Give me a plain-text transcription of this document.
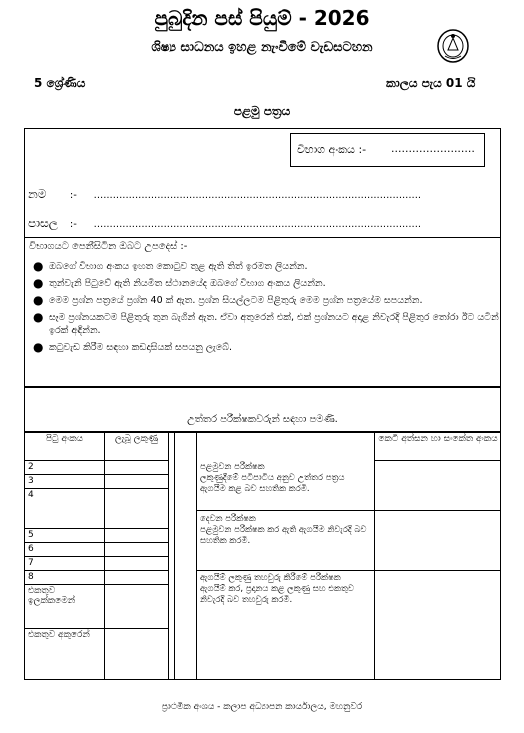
පුබුදින පස් පියුම් - 2026
ශිෂ්‍ය සාධනය ඉහළ නැංවීමේ වැඩසටහන
5 ශ්‍රේණිය	කාලය පැය 01 යි
පළමු පත්‍රය
විභාග අංකය :- ........................
නම :- .......................................................................................................
පාසල :- .......................................................................................................
විභාගයට පෙනීසිටින ඔබට උපදෙස් :-
● ඔබගේ විභාග අංකය ඉහත කොටුව තුළ ඇති තිත් ඉරමත ලියන්න.
● තුන්වැනි පිටුවේ ඇති නියමිත ස්ථානයේද ඔබගේ විභාග අංකය ලියන්න.
● මෙම ප්‍රශ්න පත්‍රයේ ප්‍රශ්න 40 ක් ඇත. ප්‍රශ්න සියල්ලටම පිළිතුරු මෙම ප්‍රශ්න පත්‍රයේම සපයන්න.
● සෑම ප්‍රශ්නයකටම පිළිතුරු තුන බැගින් ඇත. ඒවා අතුරෙන් එක්, එක් ප්‍රශ්නයට අදාළ නිවැරදි පිළිතුර තෝරා ඊට යටින් ඉරක් අඳින්න.
● කටුවැඩ කිරීම සඳහා කඩදාසියක් සපයනු ලැබේ.
උත්තර පරීක්ෂකවරුන් සඳහා පමණි.
පිටු අංකය	ලැබූ ලකුණු	කෙටි අත්සන හා සංකේත අංකය
2
3
4
5
6
7
8
එකතුව ඉලක්කමෙන්
එකතුව අකුරෙන්
පළමුවන පරීක්ෂක
ලකුණුදීමේ පටිපාටිය අනුව උත්තර පත්‍රය ඇගයීම කළ බව සහතික කරමි.
දෙවන පරීක්ෂක
පළමුවන පරීක්ෂක කර ඇති ඇගයීම නිවැරදි බව සහතික කරමි.
ඇගයීම් ලකුණු තහවුරු කිරීමේ පරීක්ෂක
ඇගයීම් කර, ප්‍රදානය කළ ලකුණු සහ එකතුව නිවැරදි බව තහවුරු කරමි.
ප්‍රාථමික අංශය - කලාප අධ්‍යාපන කාර්යාලය, මහනුවර
